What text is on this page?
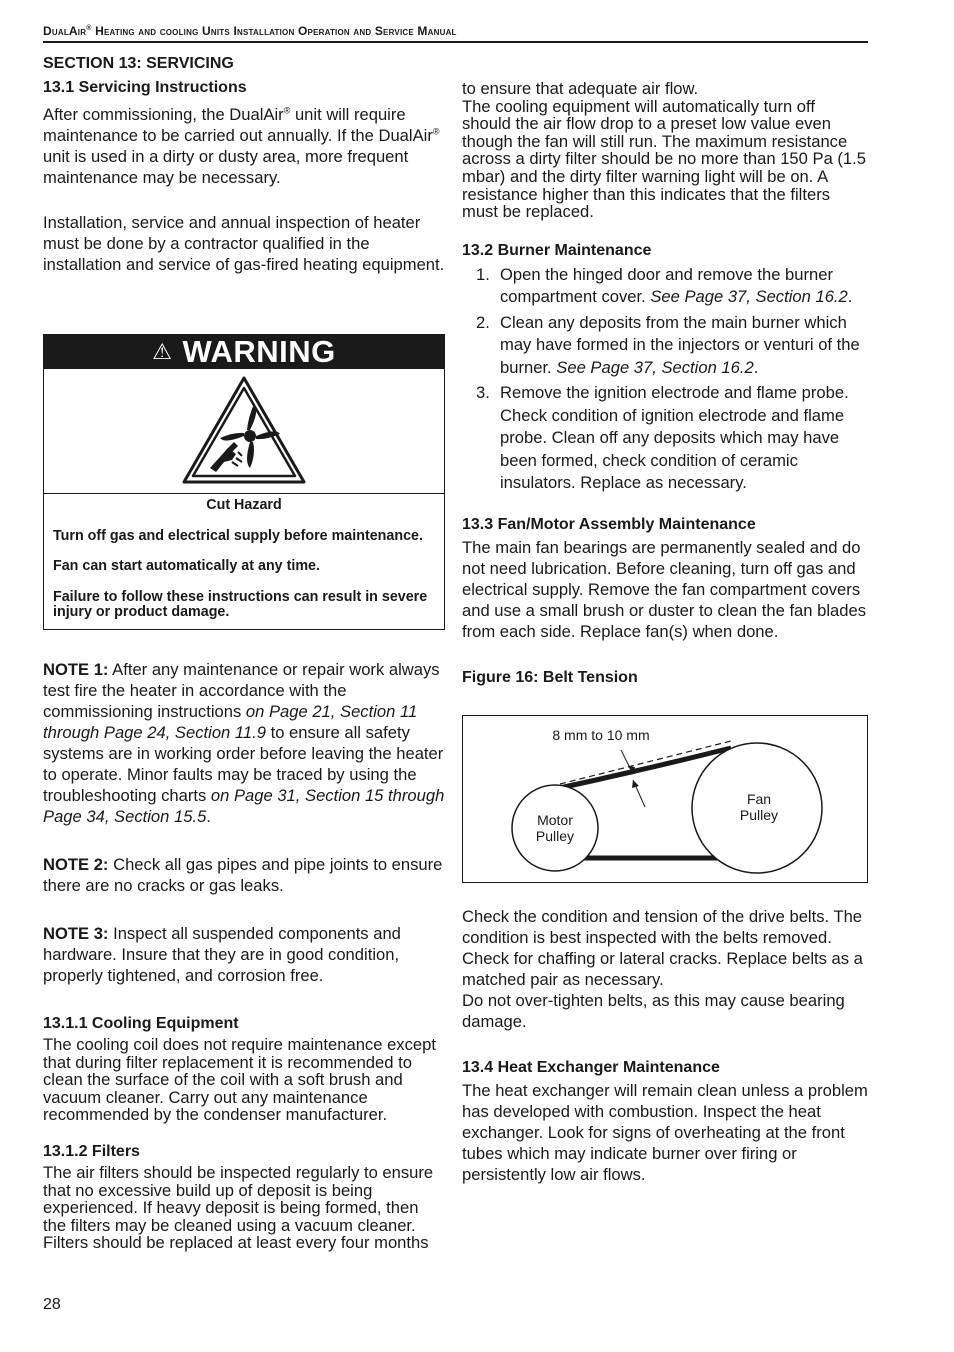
DualAir® Heating and cooling Units Installation Operation and Service Manual

SECTION 13: SERVICING

13.1 Servicing Instructions

After commissioning, the DualAir® unit will require maintenance to be carried out annually. If the DualAir® unit is used in a dirty or dusty area, more frequent maintenance may be necessary.

Installation, service and annual inspection of heater must be done by a contractor qualified in the installation and service of gas-fired heating equipment.

⚠ WARNING

Cut Hazard

Turn off gas and electrical supply before maintenance.

Fan can start automatically at any time.

Failure to follow these instructions can result in severe injury or product damage.

NOTE 1: After any maintenance or repair work always test fire the heater in accordance with the commissioning instructions on Page 21, Section 11 through Page 24, Section 11.9 to ensure all safety systems are in working order before leaving the heater to operate. Minor faults may be traced by using the troubleshooting charts on Page 31, Section 15 through Page 34, Section 15.5.

NOTE 2: Check all gas pipes and pipe joints to ensure there are no cracks or gas leaks.

NOTE 3: Inspect all suspended components and hardware. Insure that they are in good condition, properly tightened, and corrosion free.

13.1.1 Cooling Equipment

The cooling coil does not require maintenance except that during filter replacement it is recommended to clean the surface of the coil with a soft brush and vacuum cleaner. Carry out any maintenance recommended by the condenser manufacturer.

13.1.2 Filters

The air filters should be inspected regularly to ensure that no excessive build up of deposit is being experienced. If heavy deposit is being formed, then the filters may be cleaned using a vacuum cleaner. Filters should be replaced at least every four months

to ensure that adequate air flow.

The cooling equipment will automatically turn off should the air flow drop to a preset low value even though the fan will still run. The maximum resistance across a dirty filter should be no more than 150 Pa (1.5 mbar) and the dirty filter warning light will be on. A resistance higher than this indicates that the filters must be replaced.

13.2 Burner Maintenance

1. Open the hinged door and remove the burner compartment cover. See Page 37, Section 16.2.
2. Clean any deposits from the main burner which may have formed in the injectors or venturi of the burner. See Page 37, Section 16.2.
3. Remove the ignition electrode and flame probe. Check condition of ignition electrode and flame probe. Clean off any deposits which may have been formed, check condition of ceramic insulators. Replace as necessary.

13.3 Fan/Motor Assembly Maintenance

The main fan bearings are permanently sealed and do not need lubrication. Before cleaning, turn off gas and electrical supply. Remove the fan compartment covers and use a small brush or duster to clean the fan blades from each side. Replace fan(s) when done.

Figure 16: Belt Tension

8 mm to 10 mm
Motor
Pulley
Fan
Pulley

Check the condition and tension of the drive belts. The condition is best inspected with the belts removed. Check for chaffing or lateral cracks. Replace belts as a matched pair as necessary.

Do not over-tighten belts, as this may cause bearing damage.

13.4 Heat Exchanger Maintenance

The heat exchanger will remain clean unless a problem has developed with combustion. Inspect the heat exchanger. Look for signs of overheating at the front tubes which may indicate burner over firing or persistently low air flows.

28
